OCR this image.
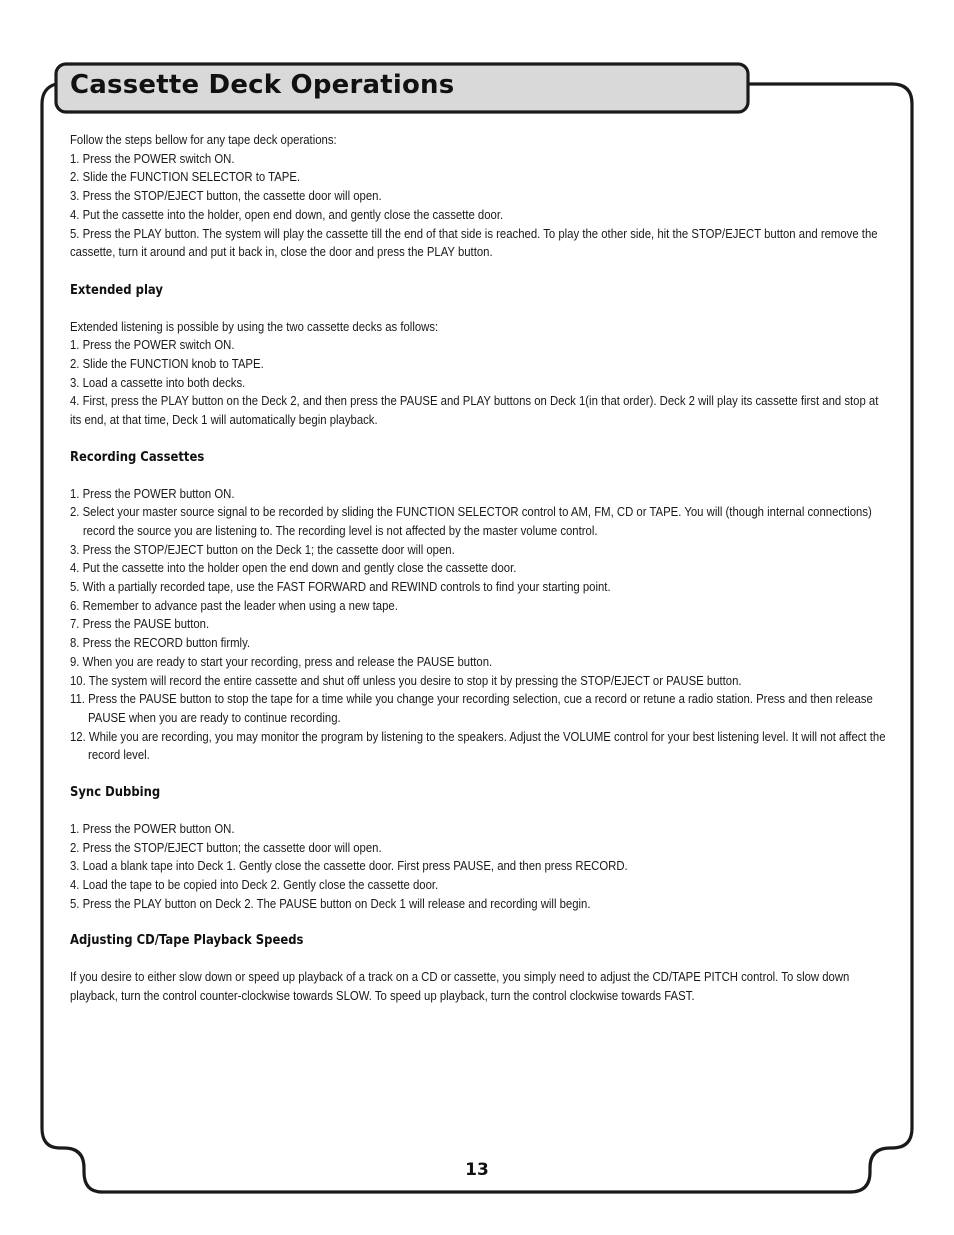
Cassette Deck Operations

Follow the steps bellow for any tape deck operations:

1. Press the POWER switch ON.

2. Slide the FUNCTION SELECTOR to TAPE.

3. Press the STOP/EJECT button, the cassette door will open.

4. Put the cassette into the holder, open end down, and gently close the cassette door.

5. Press the PLAY button. The system will play the cassette till the end of that side is reached. To play the other side, hit the STOP/EJECT button and remove the cassette, turn it around and put it back in, close the door and press the PLAY button.

Extended play

Extended listening is possible by using the two cassette decks as follows:

1. Press the POWER switch ON.

2. Slide the FUNCTION knob to TAPE.

3. Load a cassette into both decks.

4. First, press the PLAY button on the Deck 2, and then press the PAUSE and PLAY buttons on Deck 1(in that order). Deck 2 will play its cassette first and stop at its end, at that time, Deck 1 will automatically begin playback.

Recording Cassettes

1. Press the POWER button ON.

2. Select your master source signal to be recorded by sliding the FUNCTION SELECTOR control to AM, FM, CD or TAPE. You will (though internal connections) record the source you are listening to. The recording level is not affected by the master volume control.

3. Press the STOP/EJECT button on the Deck 1; the cassette door will open.

4. Put the cassette into the holder open the end down and gently close the cassette door.

5. With a partially recorded tape, use the FAST FORWARD and REWIND controls to find your starting point.

6. Remember to advance past the leader when using a new tape.

7. Press the PAUSE button.

8. Press the RECORD button firmly.

9. When you are ready to start your recording, press and release the PAUSE button.

10. The system will record the entire cassette and shut off unless you desire to stop it by pressing the STOP/EJECT or PAUSE button.

11. Press the PAUSE button to stop the tape for a time while you change your recording selection, cue a record or retune a radio station. Press and then release PAUSE when you are ready to continue recording.

12. While you are recording, you may monitor the program by listening to the speakers. Adjust the VOLUME control for your best listening level. It will not affect the record level.

Sync Dubbing

1. Press the POWER button ON.

2. Press the STOP/EJECT button; the cassette door will open.

3. Load a blank tape into Deck 1. Gently close the cassette door. First press PAUSE, and then press RECORD.

4. Load the tape to be copied into Deck 2. Gently close the cassette door.

5. Press the PLAY button on Deck 2. The PAUSE button on Deck 1 will release and recording will begin.

Adjusting CD/Tape Playback Speeds

If you desire to either slow down or speed up playback of a track on a CD or cassette, you simply need to adjust the CD/TAPE PITCH control. To slow down playback, turn the control counter-clockwise towards SLOW. To speed up playback, turn the control clockwise towards FAST.

13
